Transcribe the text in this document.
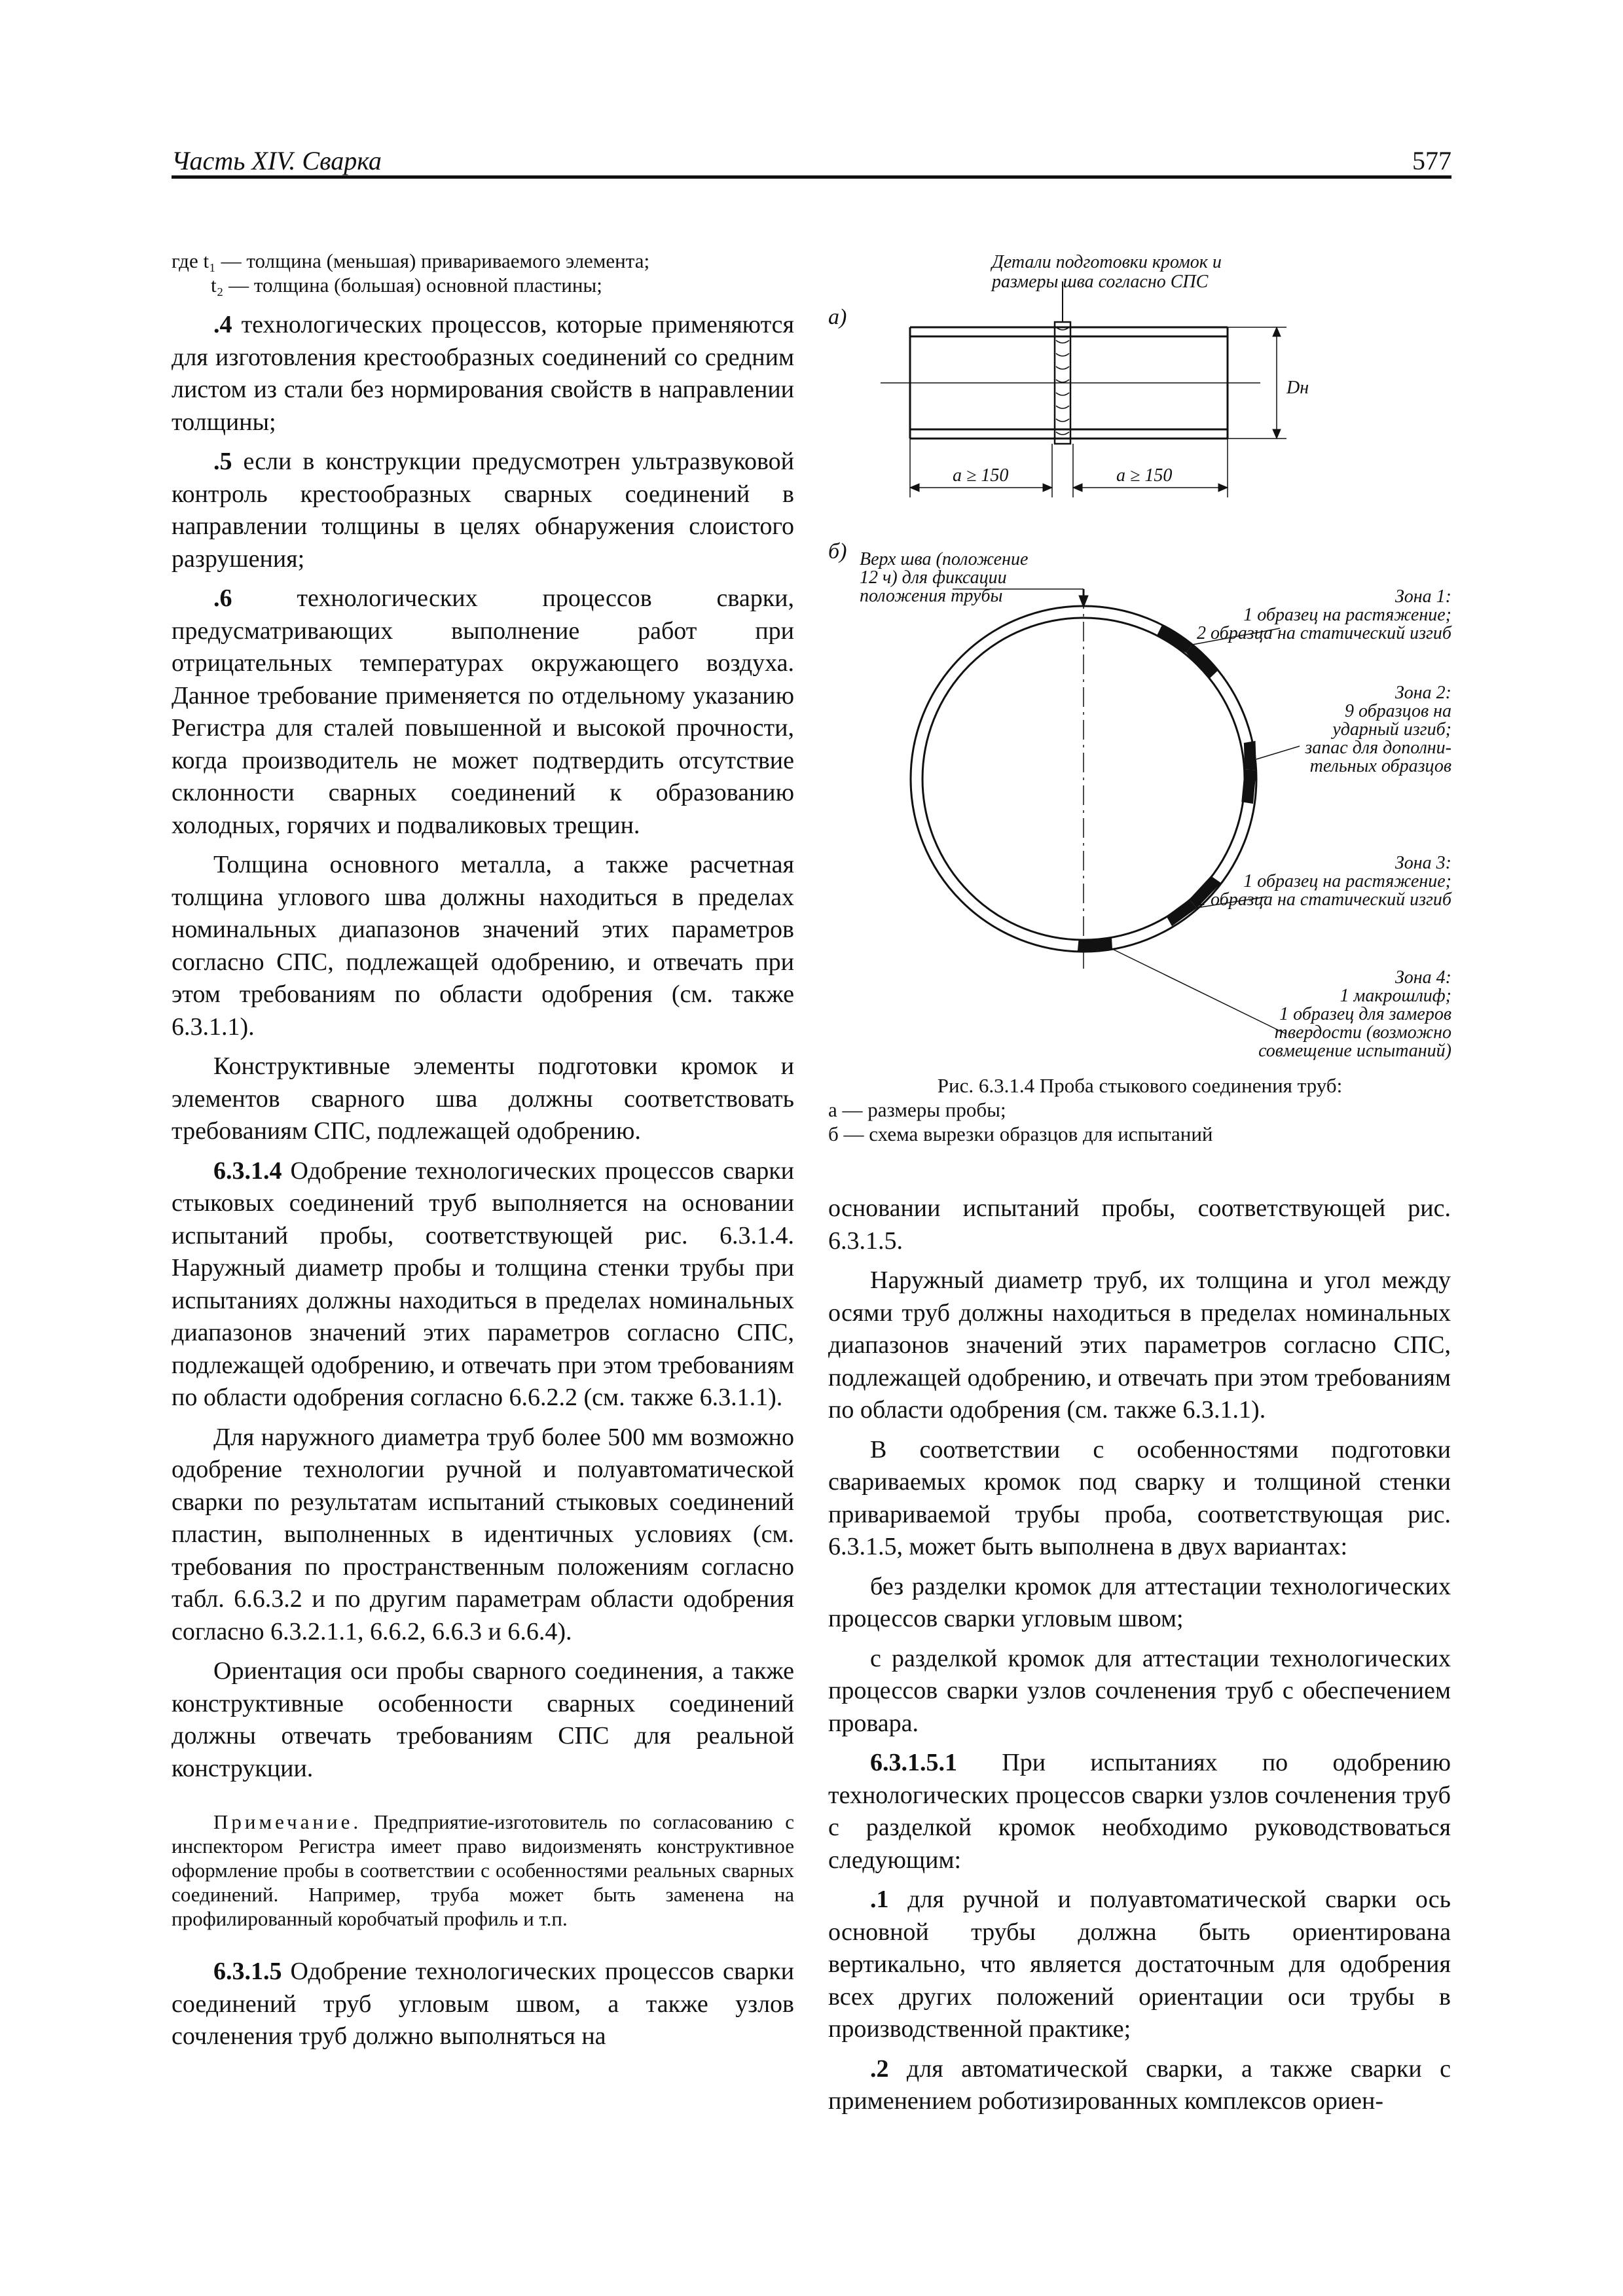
Часть XIV. Сварка	577

где t₁ — толщина (меньшая) привариваемого элемента;
t₂ — толщина (большая) основной пластины;

.4 технологических процессов, которые применяются для изготовления крестообразных соединений со средним листом из стали без нормирования свойств в направлении толщины;

.5 если в конструкции предусмотрен ультразвуковой контроль крестообразных сварных соединений в направлении толщины в целях обнаружения слоистого разрушения;

.6 технологических процессов сварки, предусматривающих выполнение работ при отрицательных температурах окружающего воздуха. Данное требование применяется по отдельному указанию Регистра для сталей повышенной и высокой прочности, когда производитель не может подтвердить отсутствие склонности сварных соединений к образованию холодных, горячих и подваликовых трещин.

Толщина основного металла, а также расчетная толщина углового шва должны находиться в пределах номинальных диапазонов значений этих параметров согласно СПС, подлежащей одобрению, и отвечать при этом требованиям по области одобрения (см. также 6.3.1.1).

Конструктивные элементы подготовки кромок и элементов сварного шва должны соответствовать требованиям СПС, подлежащей одобрению.

6.3.1.4 Одобрение технологических процессов сварки стыковых соединений труб выполняется на основании испытаний пробы, соответствующей рис. 6.3.1.4. Наружный диаметр пробы и толщина стенки трубы при испытаниях должны находиться в пределах номинальных диапазонов значений этих параметров согласно СПС, подлежащей одобрению, и отвечать при этом требованиям по области одобрения согласно 6.6.2.2 (см. также 6.3.1.1).

Для наружного диаметра труб более 500 мм возможно одобрение технологии ручной и полуавтоматической сварки по результатам испытаний стыковых соединений пластин, выполненных в идентичных условиях (см. требования по пространственным положениям согласно табл. 6.6.3.2 и по другим параметрам области одобрения согласно 6.3.2.1.1, 6.6.2, 6.6.3 и 6.6.4).

Ориентация оси пробы сварного соединения, а также конструктивные особенности сварных соединений должны отвечать требованиям СПС для реальной конструкции.

Примечание. Предприятие-изготовитель по согласованию с инспектором Регистра имеет право видоизменять конструктивное оформление пробы в соответствии с особенностями реальных сварных соединений. Например, труба может быть заменена на профилированный коробчатый профиль и т.п.

6.3.1.5 Одобрение технологических процессов сварки соединений труб угловым швом, а также узлов сочленения труб должно выполняться на

а)
Детали подготовки кромок и
размеры шва согласно СПС
a ≥ 150	a ≥ 150
Dн
б) Верх шва (положение
12 ч) для фиксации
положения трубы	Зона 1:
1 образец на растяжение;
2 образца на статический изгиб
Зона 2:
9 образцов на
ударный изгиб;
запас для дополни-
тельных образцов
Зона 3:
1 образец на растяжение;
2 образца на статический изгиб
Зона 4:
1 макрошлиф;
1 образец для замеров
твердости (возможно
совмещение испытаний)
Рис. 6.3.1.4 Проба стыкового соединения труб:
а — размеры пробы;
б — схема вырезки образцов для испытаний

основании испытаний пробы, соответствующей рис. 6.3.1.5.

Наружный диаметр труб, их толщина и угол между осями труб должны находиться в пределах номинальных диапазонов значений этих параметров согласно СПС, подлежащей одобрению, и отвечать при этом требованиям по области одобрения (см. также 6.3.1.1).

В соответствии с особенностями подготовки свариваемых кромок под сварку и толщиной стенки привариваемой трубы проба, соответствующая рис. 6.3.1.5, может быть выполнена в двух вариантах:

без разделки кромок для аттестации технологических процессов сварки угловым швом;

с разделкой кромок для аттестации технологических процессов сварки узлов сочленения труб с обеспечением провара.

6.3.1.5.1 При испытаниях по одобрению технологических процессов сварки узлов сочленения труб с разделкой кромок необходимо руководствоваться следующим:

.1 для ручной и полуавтоматической сварки ось основной трубы должна быть ориентирована вертикально, что является достаточным для одобрения всех других положений ориентации оси трубы в производственной практике;

.2 для автоматической сварки, а также сварки с применением роботизированных комплексов ориен-
